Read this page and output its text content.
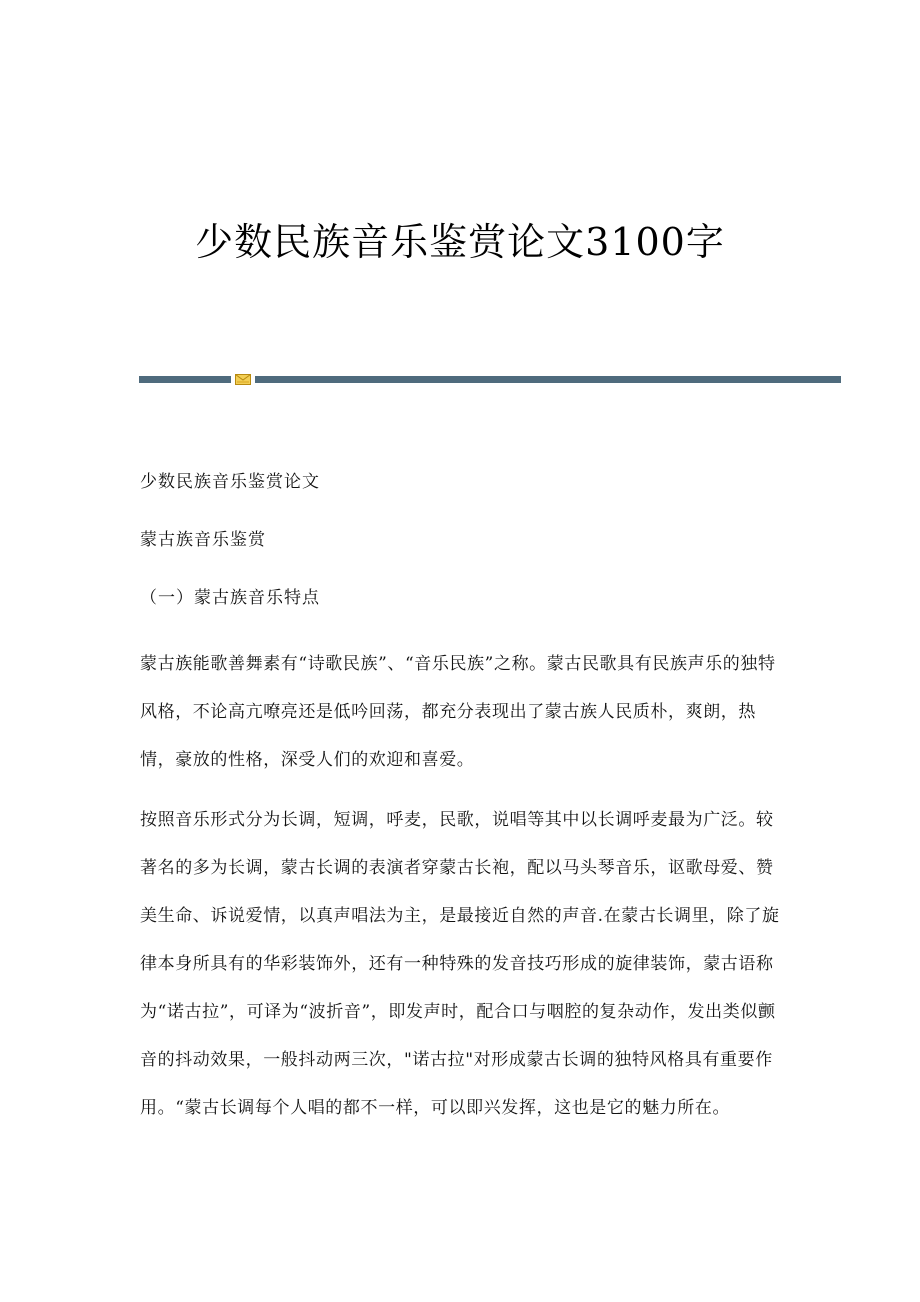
少数民族音乐鉴赏论文3100字

少数民族音乐鉴赏论文

蒙古族音乐鉴赏

（一）蒙古族音乐特点

蒙古族能歌善舞素有“诗歌民族”、“音乐民族”之称。蒙古民歌具有民族声乐的独特风格，不论高亢嘹亮还是低吟回荡，都充分表现出了蒙古族人民质朴，爽朗，热情，豪放的性格，深受人们的欢迎和喜爱。

按照音乐形式分为长调，短调，呼麦，民歌，说唱等其中以长调呼麦最为广泛。较著名的多为长调，蒙古长调的表演者穿蒙古长袍，配以马头琴音乐，讴歌母爱、赞美生命、诉说爱情，以真声唱法为主，是最接近自然的声音.在蒙古长调里，除了旋律本身所具有的华彩装饰外，还有一种特殊的发音技巧形成的旋律装饰，蒙古语称为“诺古拉”，可译为“波折音”，即发声时，配合口与咽腔的复杂动作，发出类似颤音的抖动效果，一般抖动两三次，"诺古拉"对形成蒙古长调的独特风格具有重要作用。“蒙古长调每个人唱的都不一样，可以即兴发挥，这也是它的魅力所在。
